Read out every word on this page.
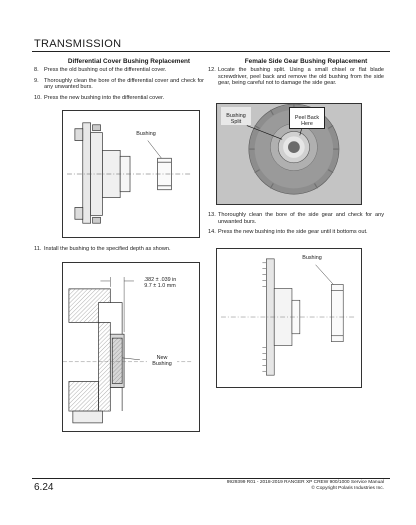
TRANSMISSION
Differential Cover Bushing Replacement
8. Press the old bushing out of the differential cover.
9. Thoroughly clean the bore of the differential cover and check for any unwanted burs.
10. Press the new bushing into the differential cover.
Bushing
11. Install the bushing to the specified depth as shown.

.382 ± .039 in
9.7 ± 1.0 mm

New
Bushing

Female Side Gear Bushing Replacement
12. Locate the bushing split. Using a small chisel or flat blade screwdriver, peel back and remove the old bushing from the side gear, being careful not to damage the side gear.

Bushing
Split

Peel Back
Here

13. Thoroughly clean the bore of the side gear and check for any unwanted burs.
14. Press the new bushing into the side gear until it bottoms out.
Bushing
6.24	9929399 R01 - 2018-2019 RANGER XP CREW 900/1000 Service Manual
© Copyright Polaris Industries Inc.
